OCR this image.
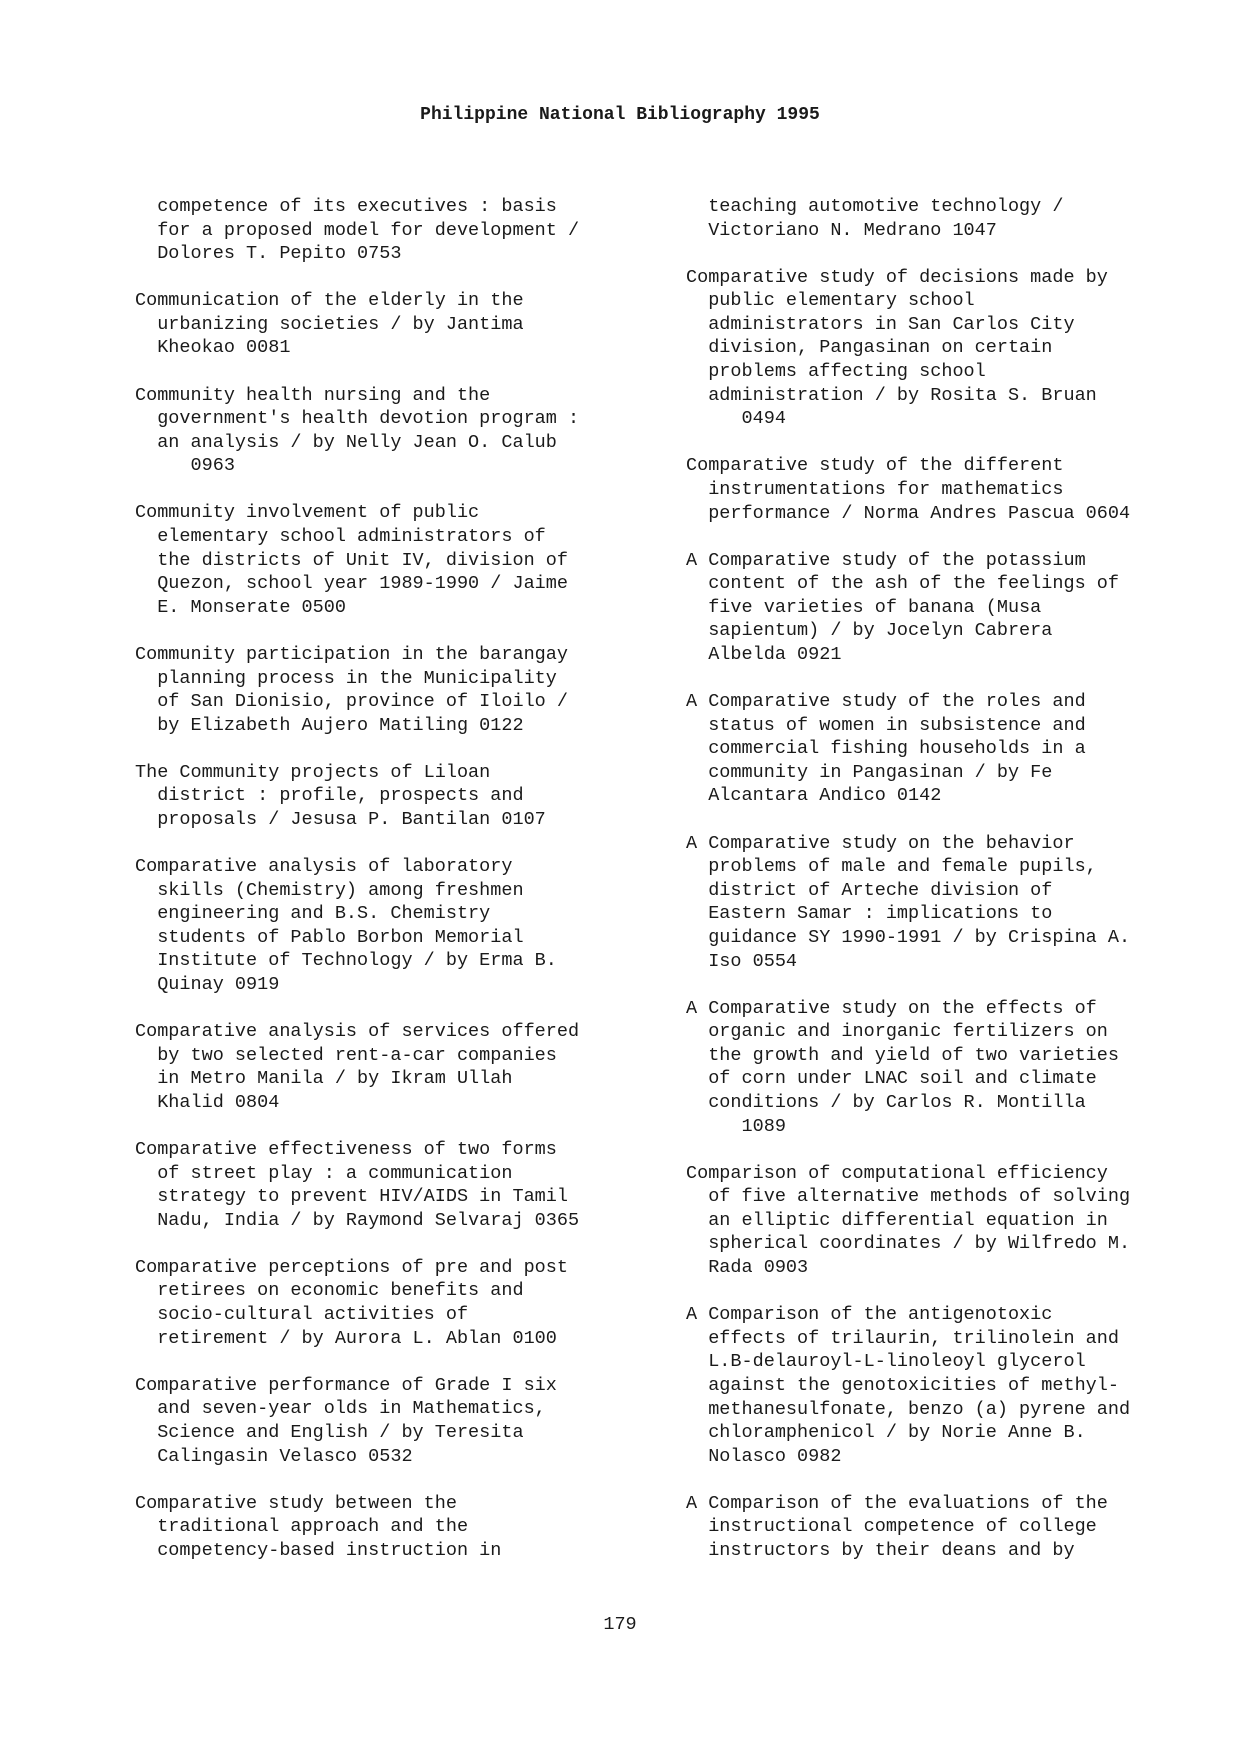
Philippine National Bibliography 1995
competence of its executives : basis
for a proposed model for development /
Dolores T. Pepito 0753
Communication of the elderly in the
urbanizing societies / by Jantima
Kheokao 0081
Community health nursing and the
government's health devotion program :
an analysis / by Nelly Jean O. Calub
0963
Community involvement of public
elementary school administrators of
the districts of Unit IV, division of
Quezon, school year 1989-1990 / Jaime
E. Monserate 0500
Community participation in the barangay
planning process in the Municipality
of San Dionisio, province of Iloilo /
by Elizabeth Aujero Matiling 0122
The Community projects of Liloan
district : profile, prospects and
proposals / Jesusa P. Bantilan 0107
Comparative analysis of laboratory
skills (Chemistry) among freshmen
engineering and B.S. Chemistry
students of Pablo Borbon Memorial
Institute of Technology / by Erma B.
Quinay 0919
Comparative analysis of services offered
by two selected rent-a-car companies
in Metro Manila / by Ikram Ullah
Khalid 0804
Comparative effectiveness of two forms
of street play : a communication
strategy to prevent HIV/AIDS in Tamil
Nadu, India / by Raymond Selvaraj 0365
Comparative perceptions of pre and post
retirees on economic benefits and
socio-cultural activities of
retirement / by Aurora L. Ablan 0100
Comparative performance of Grade I six
and seven-year olds in Mathematics,
Science and English / by Teresita
Calingasin Velasco 0532
Comparative study between the
traditional approach and the
competency-based instruction in
teaching automotive technology /
Victoriano N. Medrano 1047
Comparative study of decisions made by
public elementary school
administrators in San Carlos City
division, Pangasinan on certain
problems affecting school
administration / by Rosita S. Bruan
0494
Comparative study of the different
instrumentations for mathematics
performance / Norma Andres Pascua 0604
A Comparative study of the potassium
content of the ash of the feelings of
five varieties of banana (Musa
sapientum) / by Jocelyn Cabrera
Albelda 0921
A Comparative study of the roles and
status of women in subsistence and
commercial fishing households in a
community in Pangasinan / by Fe
Alcantara Andico 0142
A Comparative study on the behavior
problems of male and female pupils,
district of Arteche division of
Eastern Samar : implications to
guidance SY 1990-1991 / by Crispina A.
Iso 0554
A Comparative study on the effects of
organic and inorganic fertilizers on
the growth and yield of two varieties
of corn under LNAC soil and climate
conditions / by Carlos R. Montilla
1089
Comparison of computational efficiency
of five alternative methods of solving
an elliptic differential equation in
spherical coordinates / by Wilfredo M.
Rada 0903
A Comparison of the antigenotoxic
effects of trilaurin, trilinolein and
L.B-delauroyl-L-linoleoyl glycerol
against the genotoxicities of methyl-
methanesulfonate, benzo (a) pyrene and
chloramphenicol / by Norie Anne B.
Nolasco 0982
A Comparison of the evaluations of the
instructional competence of college
instructors by their deans and by
179
